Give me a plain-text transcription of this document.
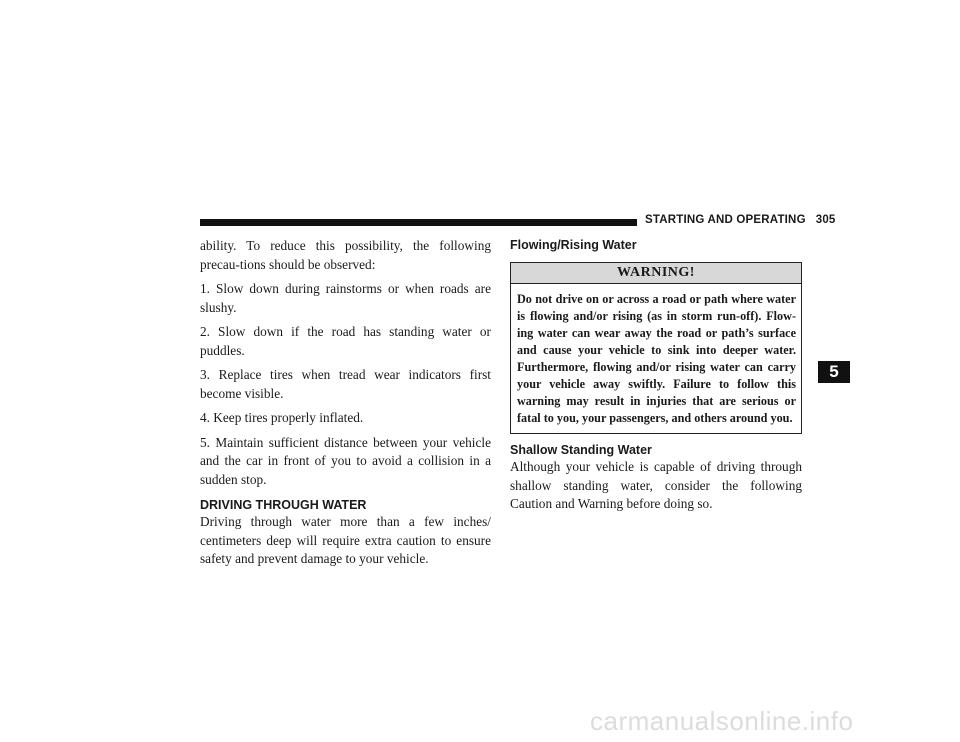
STARTING AND OPERATING 305

ability. To reduce this possibility, the following precau-tions should be observed:

1. Slow down during rainstorms or when roads are slushy.

2. Slow down if the road has standing water or puddles.

3. Replace tires when tread wear indicators first become visible.

4. Keep tires properly inflated.

5. Maintain sufficient distance between your vehicle and the car in front of you to avoid a collision in a sudden stop.

DRIVING THROUGH WATER

Driving through water more than a few inches/ centimeters deep will require extra caution to ensure safety and prevent damage to your vehicle.

Flowing/Rising Water
WARNING!
Do not drive on or across a road or path where water is flowing and/or rising (as in storm run-off). Flow-ing water can wear away the road or path’s surface and cause your vehicle to sink into deeper water. Furthermore, flowing and/or rising water can carry your vehicle away swiftly. Failure to follow this warning may result in injuries that are serious or fatal to you, your passengers, and others around you.
Shallow Standing Water

Although your vehicle is capable of driving through shallow standing water, consider the following Caution and Warning before doing so.

5
carmanualsonline.info
